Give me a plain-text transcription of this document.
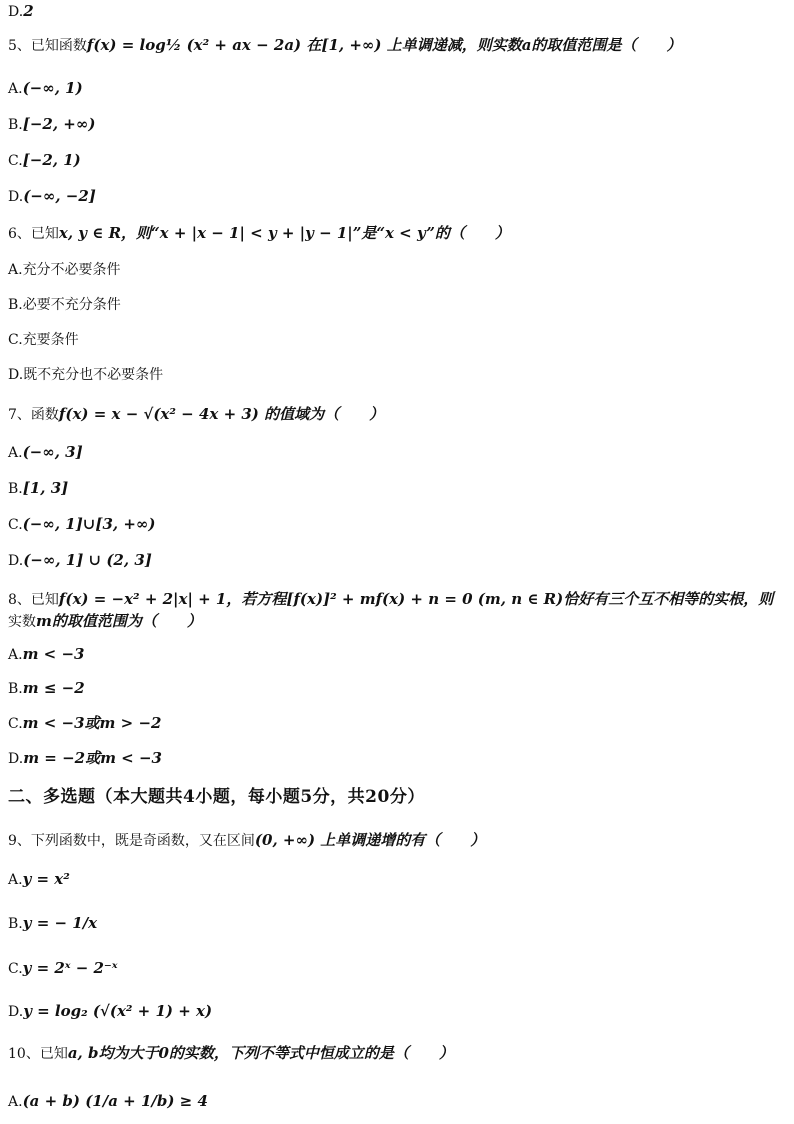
D.2
5、已知函数f(x) = log½ (x² + ax − 2a) 在[1, +∞) 上单调递减，则实数a的取值范围是（　　）
A.(−∞, 1)
B.[−2, +∞)
C.[−2, 1)
D.(−∞, −2]
6、已知x, y ∈ R，则“x + |x − 1| < y + |y − 1|”是“x < y”的（　　）
A.充分不必要条件
B.必要不充分条件
C.充要条件
D.既不充分也不必要条件
7、函数f(x) = x − √(x² − 4x + 3) 的值域为（　　）
A.(−∞, 3]
B.[1, 3]
C.(−∞, 1]∪[3, +∞)
D.(−∞, 1] ∪ (2, 3]
8、已知f(x) = −x² + 2|x| + 1，若方程[f(x)]² + mf(x) + n = 0 (m, n ∈ R)恰好有三个互不相等的实根，则
实数m的取值范围为（　　）
A.m < −3
B.m ≤ −2
C.m < −3或m > −2
D.m = −2或m < −3
二、多选题（本大题共4小题，每小题5分，共20分）
9、下列函数中，既是奇函数，又在区间(0, +∞) 上单调递增的有（　　）
A.y = x²
B.y = − 1/x
C.y = 2ˣ − 2⁻ˣ
D.y = log₂ (√(x² + 1) + x)
10、已知a, b均为大于0的实数，下列不等式中恒成立的是（　　）
A.(a + b) (1/a + 1/b) ≥ 4
